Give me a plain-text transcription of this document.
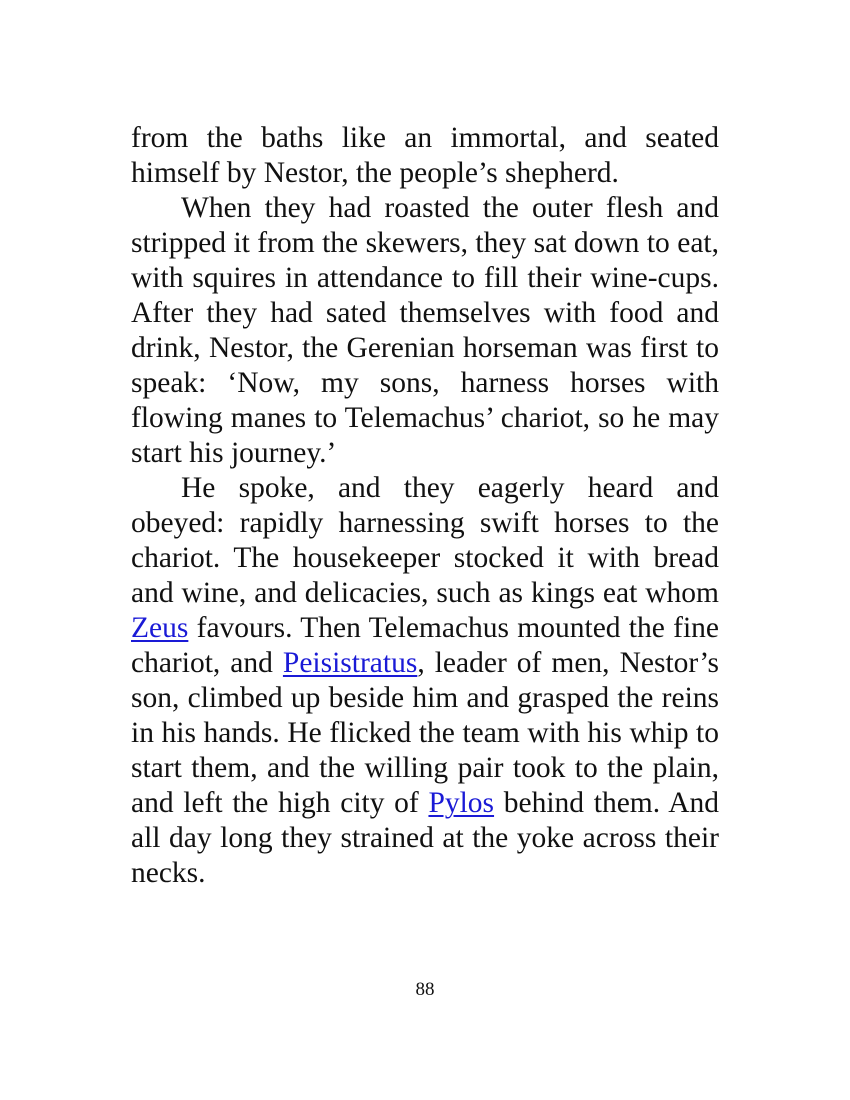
from the baths like an immortal, and seated himself by Nestor, the people’s shepherd.

When they had roasted the outer flesh and stripped it from the skewers, they sat down to eat, with squires in attendance to fill their wine-cups. After they had sated themselves with food and drink, Nestor, the Gerenian horseman was first to speak: ‘Now, my sons, harness horses with flowing manes to Telemachus’ chariot, so he may start his journey.’

He spoke, and they eagerly heard and obeyed: rapidly harnessing swift horses to the chariot. The housekeeper stocked it with bread and wine, and delicacies, such as kings eat whom Zeus favours. Then Telemachus mounted the fine chariot, and Peisistratus, leader of men, Nestor’s son, climbed up beside him and grasped the reins in his hands. He flicked the team with his whip to start them, and the willing pair took to the plain, and left the high city of Pylos behind them. And all day long they strained at the yoke across their necks.

88
